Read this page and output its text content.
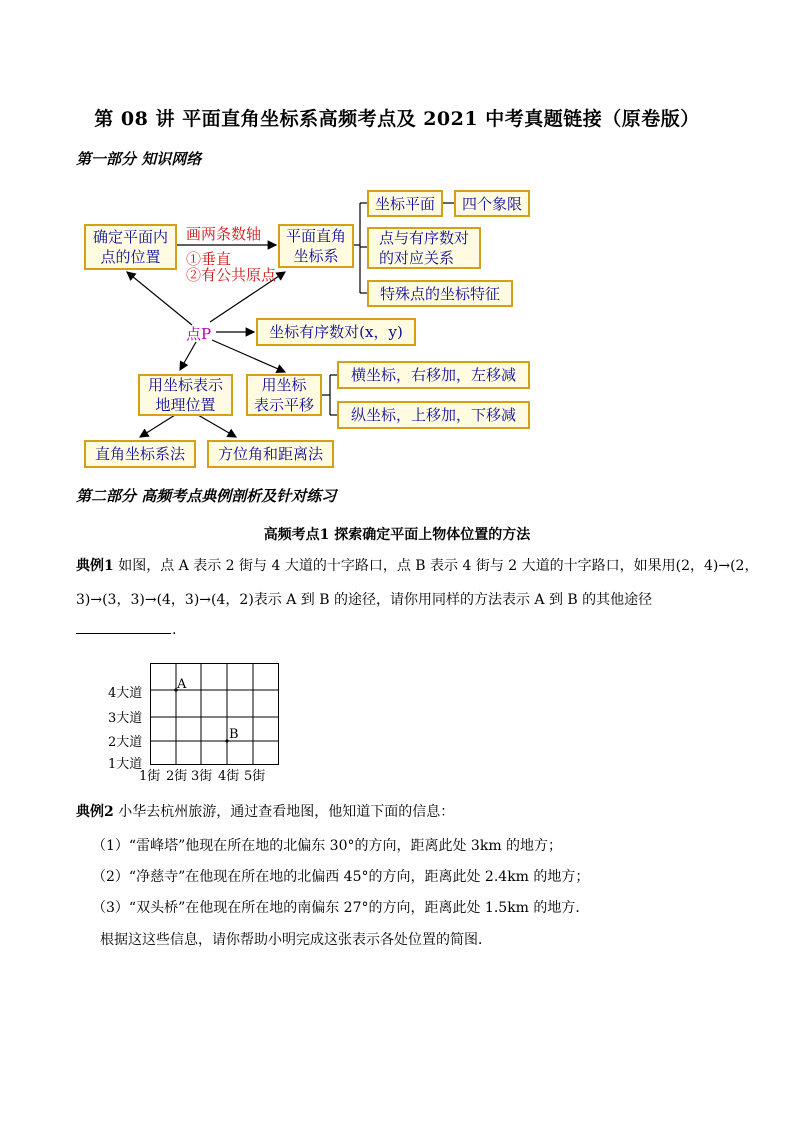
第 08 讲 平面直角坐标系高频考点及 2021 中考真题链接（原卷版）
第一部分 知识网络
确定平面内
点的位置
画两条数轴
①垂直
②有公共原点
平面直角
坐标系
坐标平面	四个象限
点与有序数对
的对应关系
特殊点的坐标特征
点P	坐标有序数对(x，y)
用坐标表示
地理位置
用坐标
表示平移
横坐标，右移加，左移减
纵坐标，上移加，下移减
直角坐标系法	方位角和距离法
第二部分 高频考点典例剖析及针对练习
高频考点1 探索确定平面上物体位置的方法
典例1 如图，点 A 表示 2 街与 4 大道的十字路口，点 B 表示 4 街与 2 大道的十字路口，如果用(2，4)→(2，
3)→(3，3)→(4，3)→(4，2)表示 A 到 B 的途径，请你用同样的方法表示 A 到 B 的其他途径
.
A
B
4大道
3大道
2大道
1大道
1街 2街 3街 4街 5街
典例2 小华去杭州旅游，通过查看地图，他知道下面的信息：
（1）“雷峰塔”他现在所在地的北偏东 30°的方向，距离此处 3km 的地方；
（2）“净慈寺”在他现在所在地的北偏西 45°的方向，距离此处 2.4km 的地方；
（3）“双头桥”在他现在所在地的南偏东 27°的方向，距离此处 1.5km 的地方．
根据这这些信息，请你帮助小明完成这张表示各处位置的简图．
